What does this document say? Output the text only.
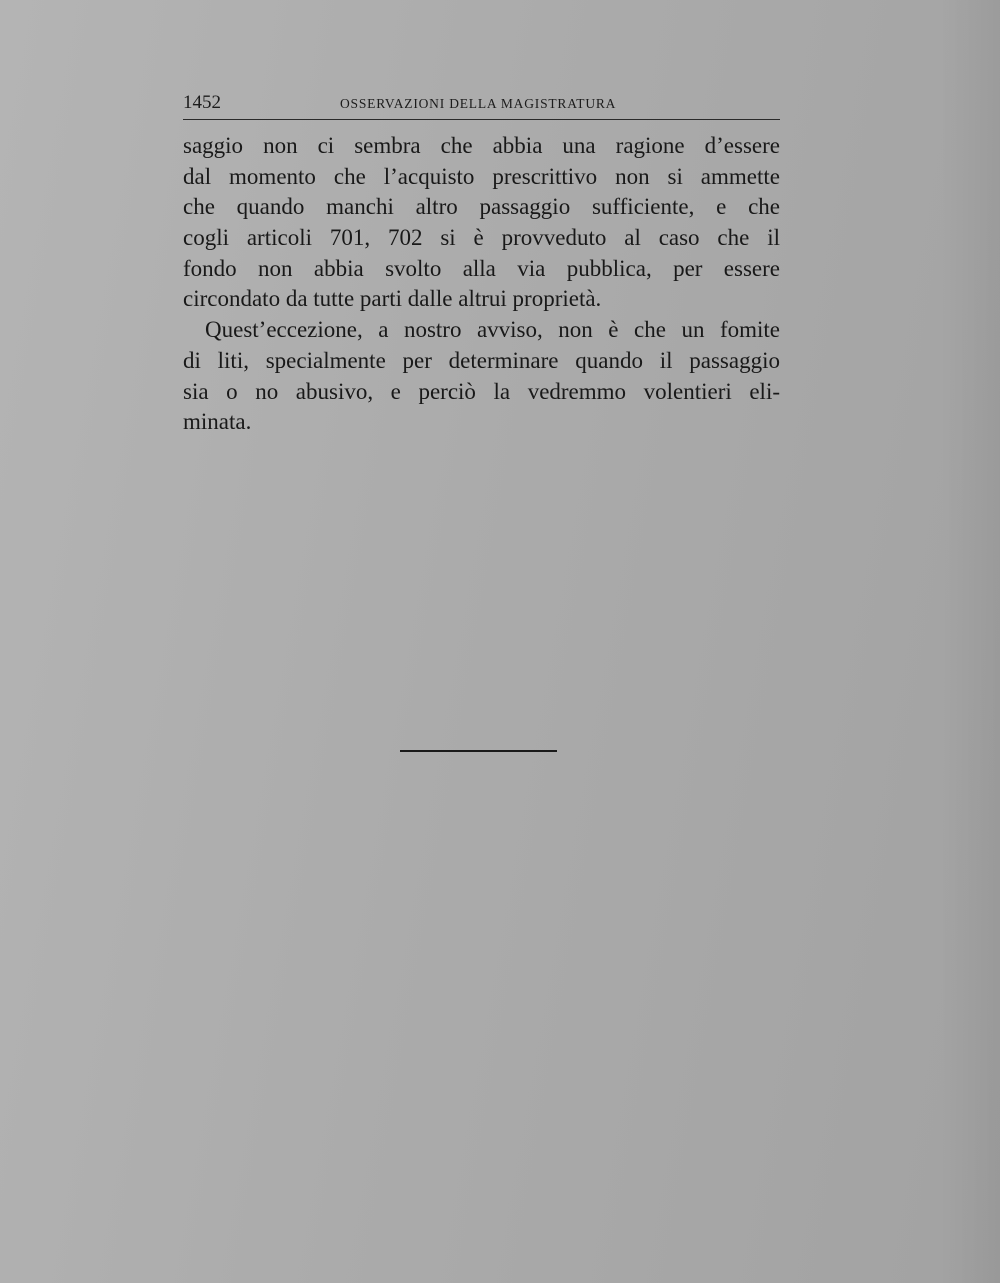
1452	OSSERVAZIONI DELLA MAGISTRATURA
saggio non ci sembra che abbia una ragione d’essere
dal momento che l’acquisto prescrittivo non si ammette
che quando manchi altro passaggio sufficiente, e che
cogli articoli 701, 702 si è provveduto al caso che il
fondo non abbia svolto alla via pubblica, per essere
circondato da tutte parti dalle altrui proprietà.
Quest’eccezione, a nostro avviso, non è che un fomite
di liti, specialmente per determinare quando il passaggio
sia o no abusivo, e perciò la vedremmo volentieri eli-
minata.
